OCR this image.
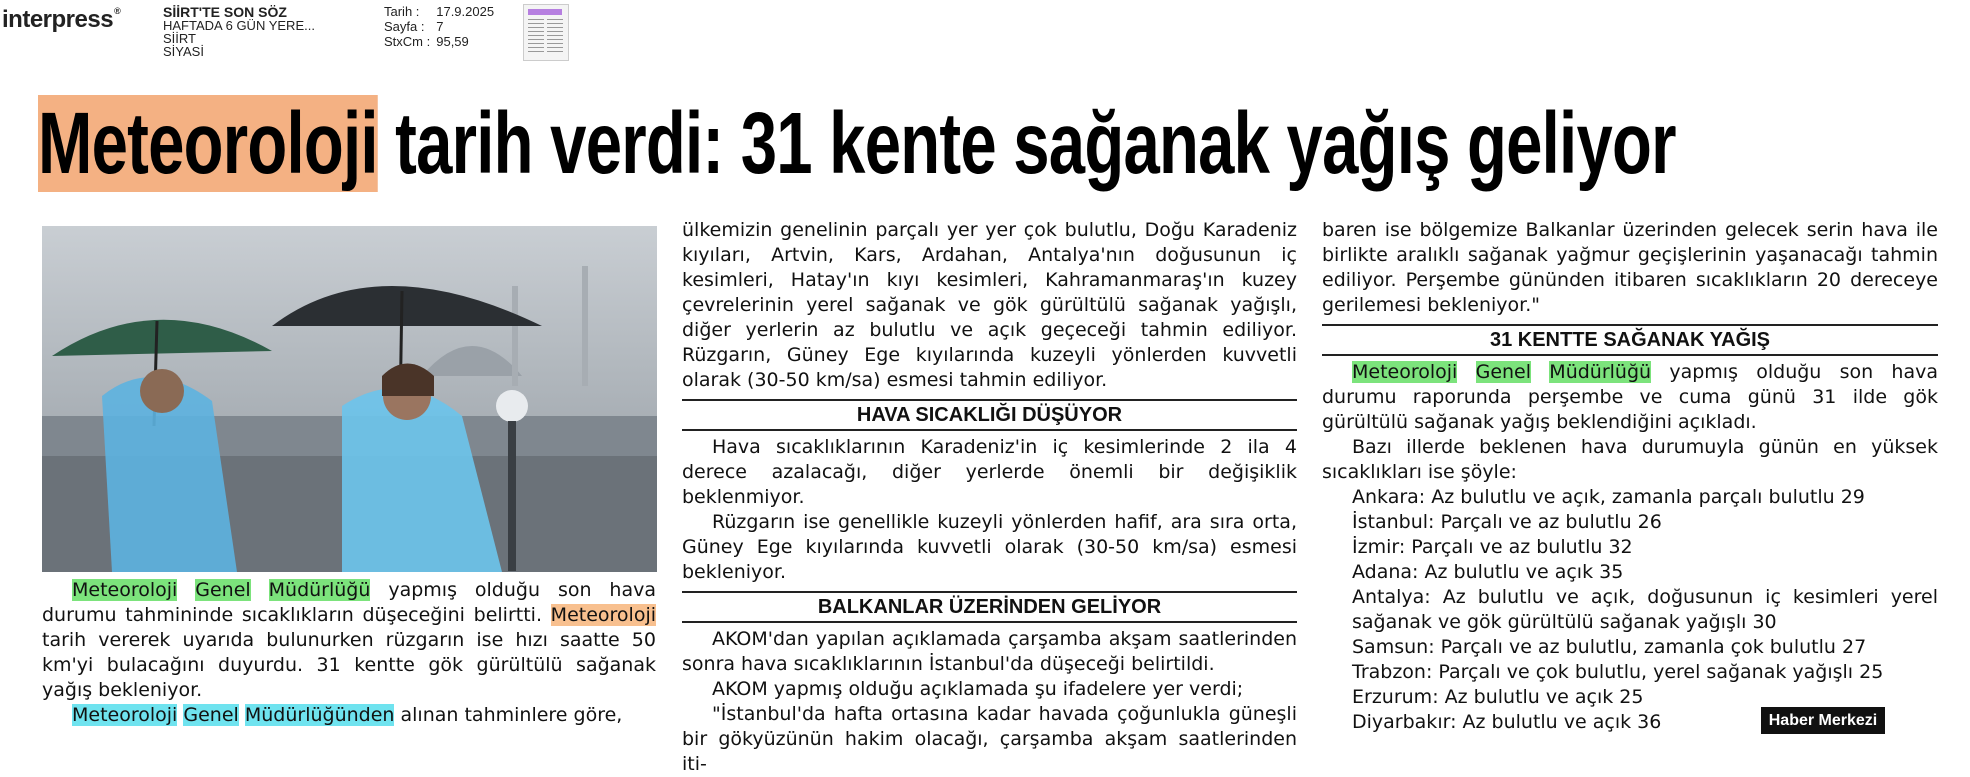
interpress®	SİİRT'TE SON SÖZ
HAFTADA 6 GÜN YERE...
SİİRT
SİYASİ
Tarih :	17.9.2025
Sayfa :	7
StxCm :	95,59
Meteoroloji tarih verdi: 31 kente sağanak yağış geliyor

Meteoroloji Genel Müdürlüğü yapmış olduğu son hava durumu tahmininde sıcaklıkların düşeceğini belirtti. Meteoroloji tarih vererek uyarıda bulunurken rüzgarın ise hızı saatte 50 km'yi bulacağını duyurdu. 31 kentte gök gürültülü sağanak yağış bekleniyor.

Meteoroloji Genel Müdürlüğünden alınan tahminlere göre,

ülkemizin genelinin parçalı yer yer çok bulutlu, Doğu Karadeniz kıyıları, Artvin, Kars, Ardahan, Antalya'nın doğusunun iç kesimleri, Hatay'ın kıyı kesimleri, Kahramanmaraş'ın kuzey çevrelerinin yerel sağanak ve gök gürültülü sağanak yağışlı, diğer yerlerin az bulutlu ve açık geçeceği tahmin ediliyor. Rüzgarın, Güney Ege kıyılarında kuzeyli yönlerden kuvvetli olarak (30-50 km/sa) esmesi tahmin ediliyor.

HAVA SICAKLIĞI DÜŞÜYOR

Hava sıcaklıklarının Karadeniz'in iç kesimlerinde 2 ila 4 derece azalacağı, diğer yerlerde önemli bir değişiklik beklenmiyor.

Rüzgarın ise genellikle kuzeyli yönlerden hafif, ara sıra orta, Güney Ege kıyılarında kuvvetli olarak (30-50 km/sa) esmesi bekleniyor.

BALKANLAR ÜZERİNDEN GELİYOR

AKOM'dan yapılan açıklamada çarşamba akşam saatlerinden sonra hava sıcaklıklarının İstanbul'da düşeceği belirtildi.

AKOM yapmış olduğu açıklamada şu ifadelere yer verdi;

"İstanbul'da hafta ortasına kadar havada çoğunlukla güneşli bir gökyüzünün hakim olacağı, çarşamba akşam saatlerinden iti-

baren ise bölgemize Balkanlar üzerinden gelecek serin hava ile birlikte aralıklı sağanak yağmur geçişlerinin yaşanacağı tahmin ediliyor. Perşembe gününden itibaren sıcaklıkların 20 dereceye gerilemesi bekleniyor."

31 KENTTE SAĞANAK YAĞIŞ

Meteoroloji Genel Müdürlüğü yapmış olduğu son hava durumu raporunda perşembe ve cuma günü 31 ilde gök gürültülü sağanak yağış beklendiğini açıkladı.

Bazı illerde beklenen hava durumuyla günün en yüksek sıcaklıkları ise şöyle:

Ankara: Az bulutlu ve açık, zamanla parçalı bulutlu 29
İstanbul: Parçalı ve az bulutlu 26
İzmir: Parçalı ve az bulutlu 32
Adana: Az bulutlu ve açık 35
Antalya: Az bulutlu ve açık, doğusunun iç kesimleri yerel sağanak ve gök gürültülü sağanak yağışlı 30
Samsun: Parçalı ve az bulutlu, zamanla çok bulutlu 27
Trabzon: Parçalı ve çok bulutlu, yerel sağanak yağışlı 25
Erzurum: Az bulutlu ve açık 25
Diyarbakır: Az bulutlu ve açık 36	Haber Merkezi
